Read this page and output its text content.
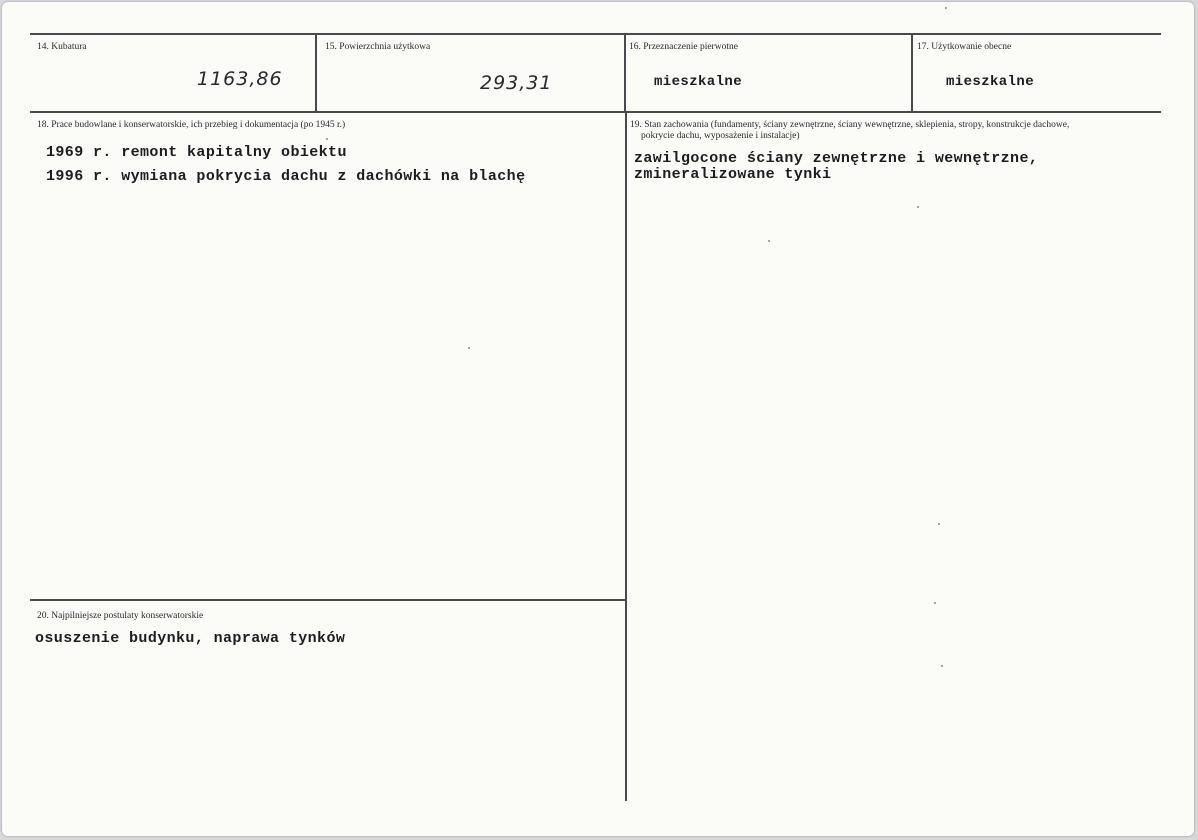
14. Kubatura
1163,86
15. Powierzchnia użytkowa
293,31
16. Przeznaczenie pierwotne
mieszkalne
17. Użytkowanie obecne
mieszkalne
18. Prace budowlane i konserwatorskie, ich przebieg i dokumentacja (po 1945 r.)
1969 r. remont kapitalny obiektu
1996 r. wymiana pokrycia dachu z dachówki na blachę
19. Stan zachowania (fundamenty, ściany zewnętrzne, ściany wewnętrzne, sklepienia, stropy, konstrukcje dachowe,
pokrycie dachu, wyposażenie i instalacje)
zawilgocone ściany zewnętrzne i wewnętrzne,
zmineralizowane tynki
20. Najpilniejsze postulaty konserwatorskie
osuszenie budynku, naprawa tynków
